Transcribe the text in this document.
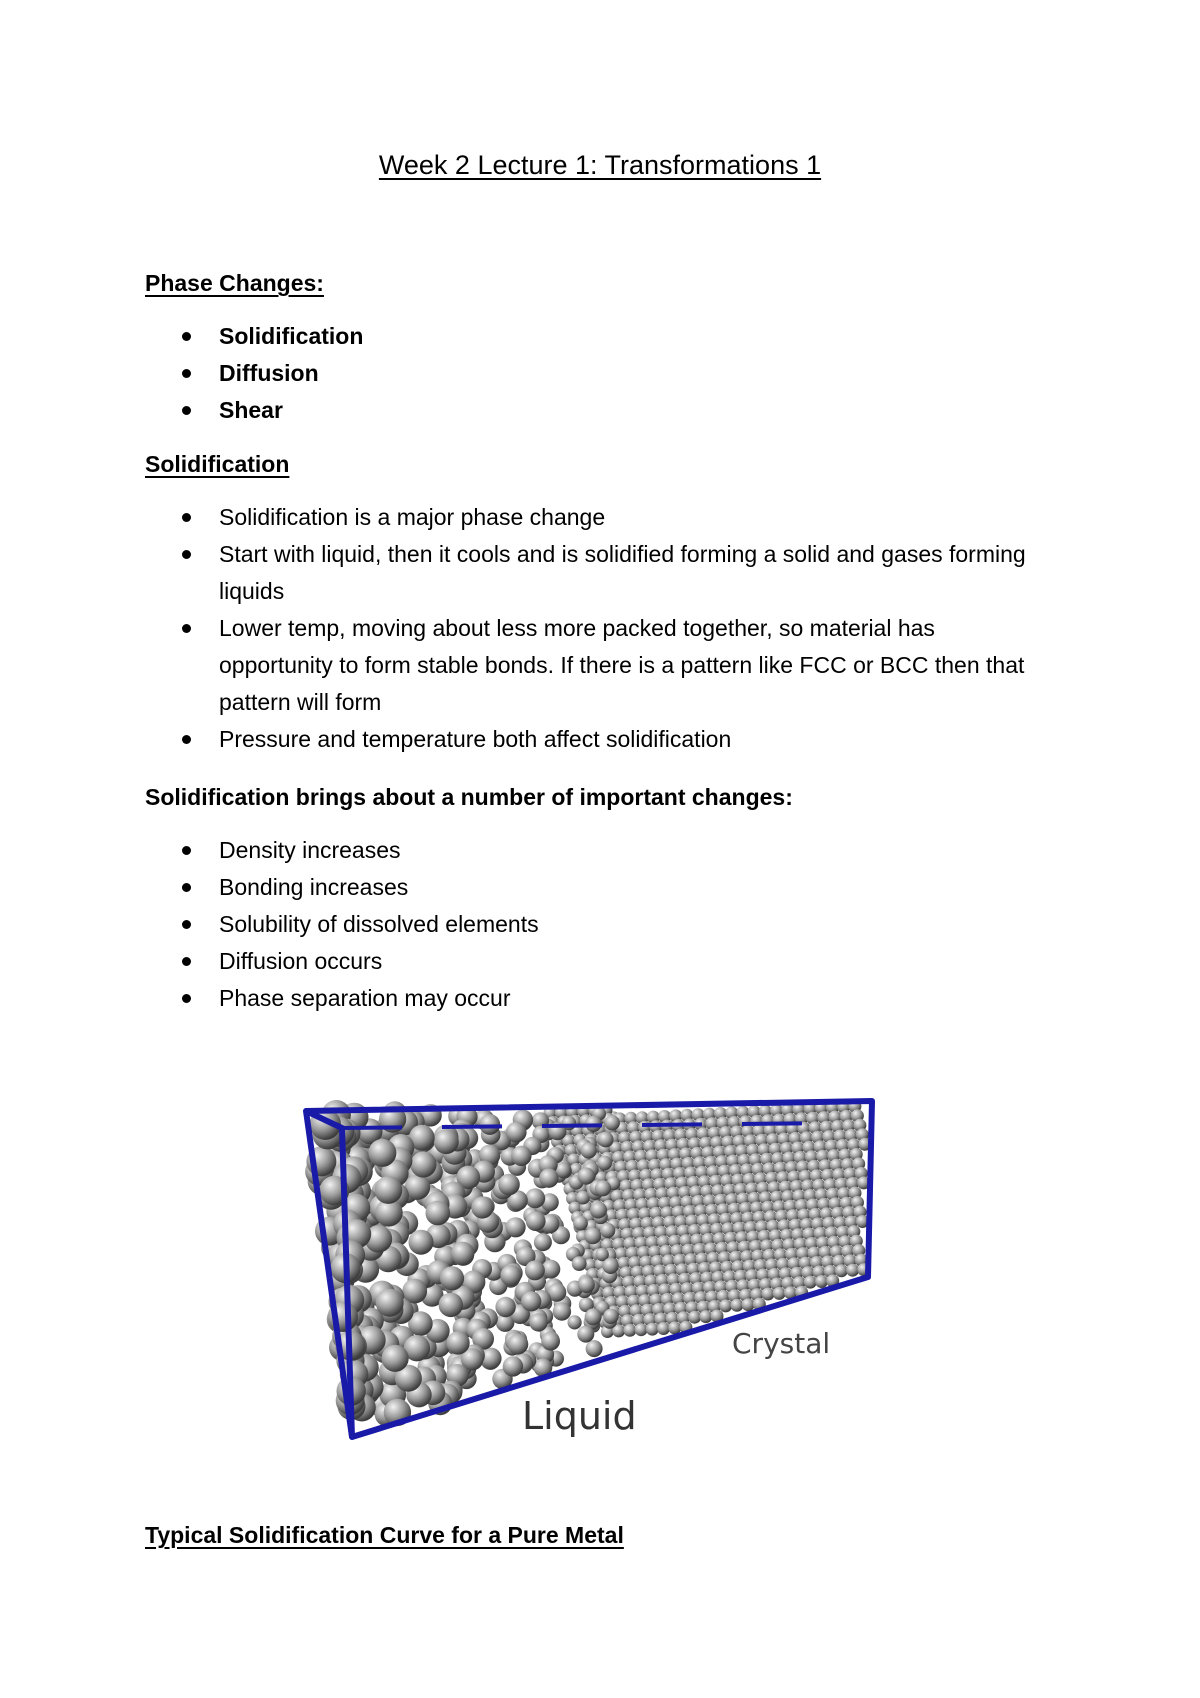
Week 2 Lecture 1: Transformations 1
Phase Changes:
Solidification
Diffusion
Shear
Solidification
Solidification is a major phase change
Start with liquid, then it cools and is solidified forming a solid and gases forming liquids
Lower temp, moving about less more packed together, so material has opportunity to form stable bonds. If there is a pattern like FCC or BCC then that pattern will form
Pressure and temperature both affect solidification
Solidification brings about a number of important changes:
Density increases
Bonding increases
Solubility of dissolved elements
Diffusion occurs
Phase separation may occur
Crystal
Liquid
Typical Solidification Curve for a Pure Metal
